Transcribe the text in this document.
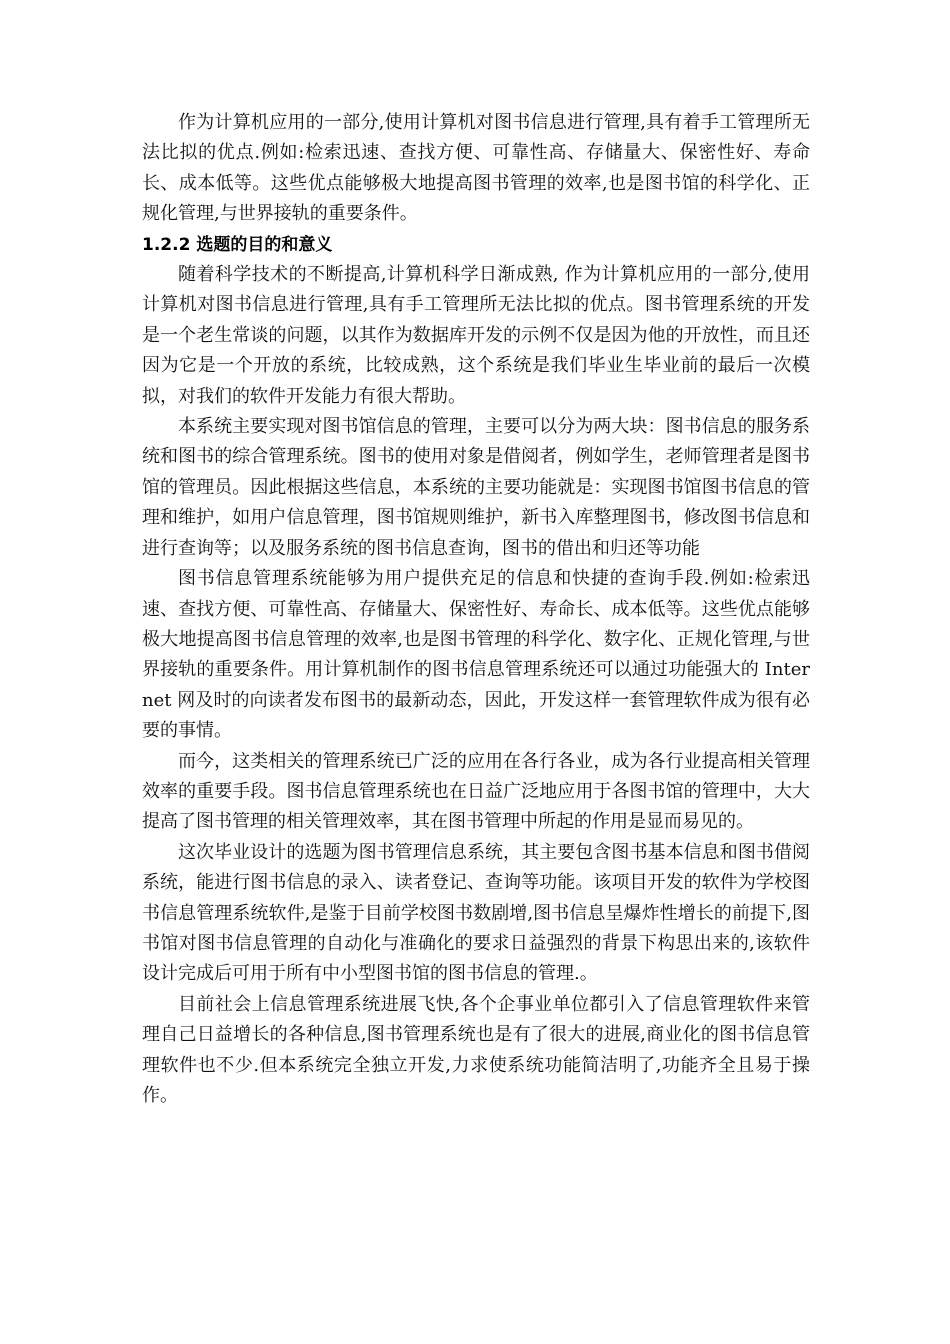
作为计算机应用的一部分,使用计算机对图书信息进行管理,具有着手工管理所无法比拟的优点.例如:检索迅速、查找方便、可靠性高、存储量大、保密性好、寿命长、成本低等。这些优点能够极大地提高图书管理的效率,也是图书馆的科学化、正规化管理,与世界接轨的重要条件。

1.2.2 选题的目的和意义

随着科学技术的不断提高,计算机科学日渐成熟, 作为计算机应用的一部分,使用计算机对图书信息进行管理,具有手工管理所无法比拟的优点。图书管理系统的开发是一个老生常谈的问题，以其作为数据库开发的示例不仅是因为他的开放性，而且还因为它是一个开放的系统，比较成熟，这个系统是我们毕业生毕业前的最后一次模拟，对我们的软件开发能力有很大帮助。

本系统主要实现对图书馆信息的管理，主要可以分为两大块：图书信息的服务系统和图书的综合管理系统。图书的使用对象是借阅者，例如学生，老师管理者是图书馆的管理员。因此根据这些信息，本系统的主要功能就是：实现图书馆图书信息的管理和维护，如用户信息管理，图书馆规则维护，新书入库整理图书，修改图书信息和进行查询等；以及服务系统的图书信息查询，图书的借出和归还等功能

图书信息管理系统能够为用户提供充足的信息和快捷的查询手段.例如:检索迅速、查找方便、可靠性高、存储量大、保密性好、寿命长、成本低等。这些优点能够极大地提高图书信息管理的效率,也是图书管理的科学化、数字化、正规化管理,与世界接轨的重要条件。用计算机制作的图书信息管理系统还可以通过功能强大的 Internet 网及时的向读者发布图书的最新动态，因此，开发这样一套管理软件成为很有必要的事情。

而今，这类相关的管理系统已广泛的应用在各行各业，成为各行业提高相关管理效率的重要手段。图书信息管理系统也在日益广泛地应用于各图书馆的管理中，大大提高了图书管理的相关管理效率，其在图书管理中所起的作用是显而易见的。

这次毕业设计的选题为图书管理信息系统，其主要包含图书基本信息和图书借阅系统，能进行图书信息的录入、读者登记、查询等功能。该项目开发的软件为学校图书信息管理系统软件,是鉴于目前学校图书数剧增,图书信息呈爆炸性增长的前提下,图书馆对图书信息管理的自动化与准确化的要求日益强烈的背景下构思出来的,该软件设计完成后可用于所有中小型图书馆的图书信息的管理.。

目前社会上信息管理系统进展飞快,各个企事业单位都引入了信息管理软件来管理自己日益增长的各种信息,图书管理系统也是有了很大的进展,商业化的图书信息管理软件也不少.但本系统完全独立开发,力求使系统功能简洁明了,功能齐全且易于操作。
